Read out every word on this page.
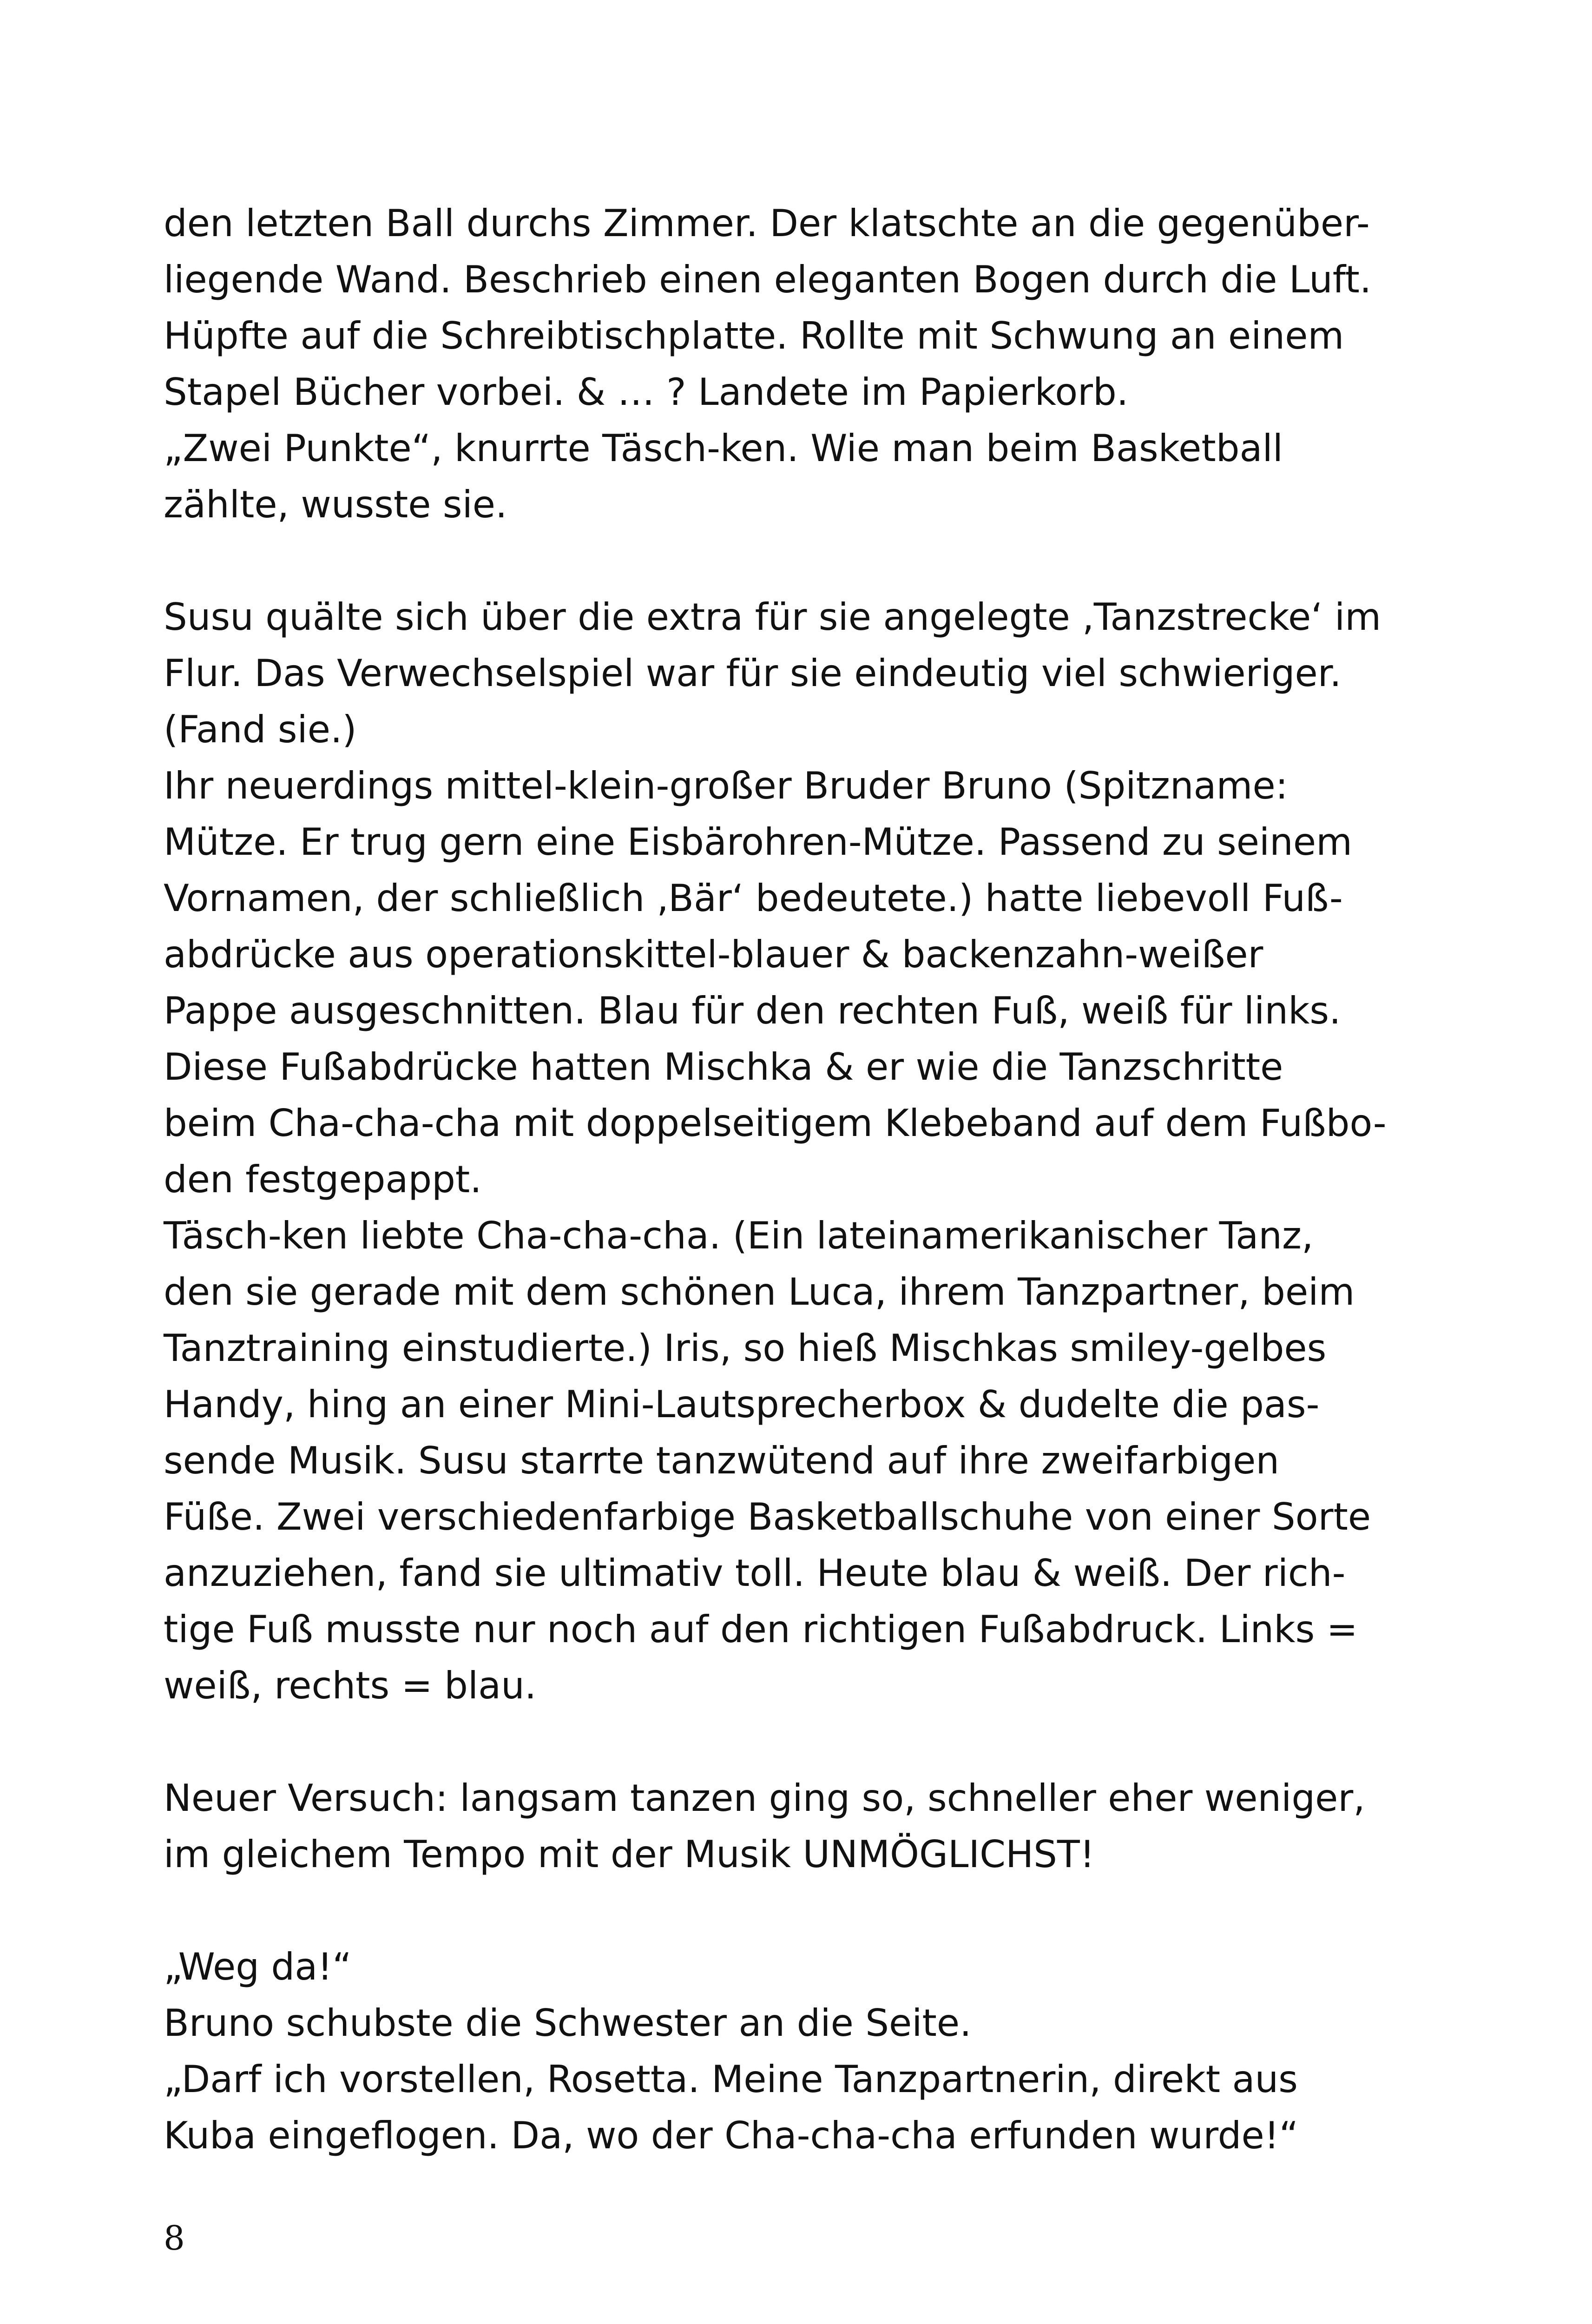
den letzten Ball durchs Zimmer. Der klatschte an die gegenüber-
liegende Wand. Beschrieb einen eleganten Bogen durch die Luft.
Hüpfte auf die Schreibtischplatte. Rollte mit Schwung an einem
Stapel Bücher vorbei. & … ? Landete im Papierkorb.
„Zwei Punkte“, knurrte Täsch-ken. Wie man beim Basketball
zählte, wusste sie.
Susu quälte sich über die extra für sie angelegte ‚Tanzstrecke‘ im
Flur. Das Verwechselspiel war für sie eindeutig viel schwieriger.
(Fand sie.)
Ihr neuerdings mittel-klein-großer Bruder Bruno (Spitzname:
Mütze. Er trug gern eine Eisbärohren-Mütze. Passend zu seinem
Vornamen, der schließlich ‚Bär‘ bedeutete.) hatte liebevoll Fuß-
abdrücke aus operationskittel-blauer & backenzahn-weißer
Pappe ausgeschnitten. Blau für den rechten Fuß, weiß für links.
Diese Fußabdrücke hatten Mischka & er wie die Tanzschritte
beim Cha-cha-cha mit doppelseitigem Klebeband auf dem Fußbo-
den festgepappt.
Täsch-ken liebte Cha-cha-cha. (Ein lateinamerikanischer Tanz,
den sie gerade mit dem schönen Luca, ihrem Tanzpartner, beim
Tanztraining einstudierte.) Iris, so hieß Mischkas smiley-gelbes
Handy, hing an einer Mini-Lautsprecherbox & dudelte die pas-
sende Musik. Susu starrte tanzwütend auf ihre zweifarbigen
Füße. Zwei verschiedenfarbige Basketballschuhe von einer Sorte
anzuziehen, fand sie ultimativ toll. Heute blau & weiß. Der rich-
tige Fuß musste nur noch auf den richtigen Fußabdruck. Links =
weiß, rechts = blau.
Neuer Versuch: langsam tanzen ging so, schneller eher weniger,
im gleichem Tempo mit der Musik UNMÖGLICHST!
„Weg da!“
Bruno schubste die Schwester an die Seite.
„Darf ich vorstellen, Rosetta. Meine Tanzpartnerin, direkt aus
Kuba eingeflogen. Da, wo der Cha-cha-cha erfunden wurde!“
8
